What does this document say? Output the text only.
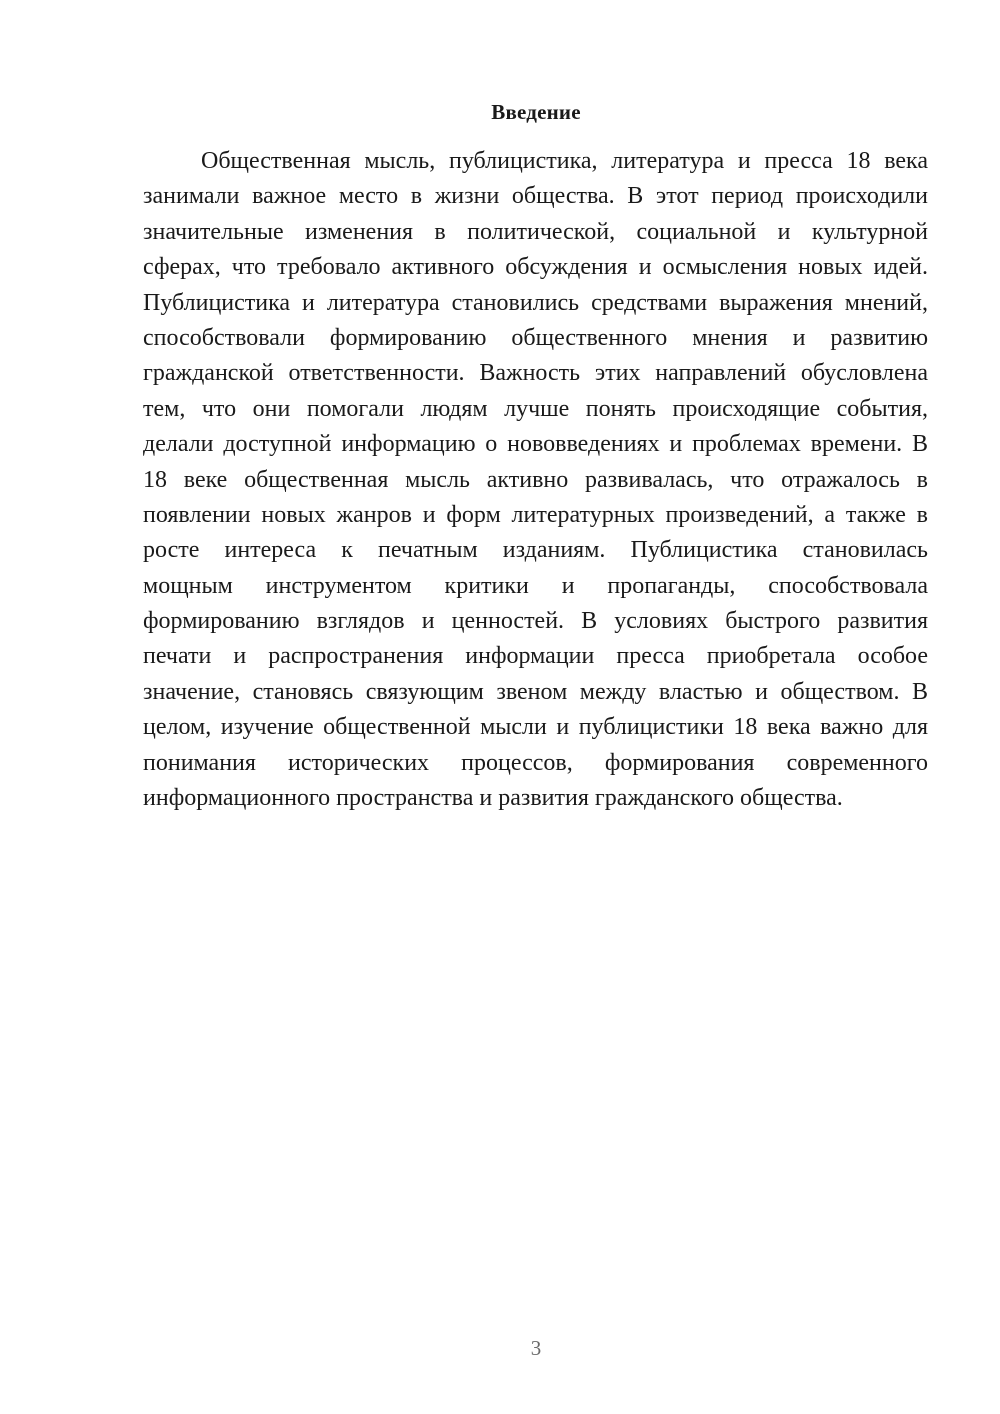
Введение
Общественная мысль, публицистика, литература и пресса 18 века
занимали важное место в жизни общества. В этот период происходили
значительные изменения в политической, социальной и культурной
сферах, что требовало активного обсуждения и осмысления новых идей.
Публицистика и литература становились средствами выражения мнений,
способствовали формированию общественного мнения и развитию
гражданской ответственности. Важность этих направлений обусловлена
тем, что они помогали людям лучше понять происходящие события,
делали доступной информацию о нововведениях и проблемах времени. В
18 веке общественная мысль активно развивалась, что отражалось в
появлении новых жанров и форм литературных произведений, а также в
росте интереса к печатным изданиям. Публицистика становилась
мощным инструментом критики и пропаганды, способствовала
формированию взглядов и ценностей. В условиях быстрого развития
печати и распространения информации пресса приобретала особое
значение, становясь связующим звеном между властью и обществом. В
целом, изучение общественной мысли и публицистики 18 века важно для
понимания исторических процессов, формирования современного
информационного пространства и развития гражданского общества.
3
